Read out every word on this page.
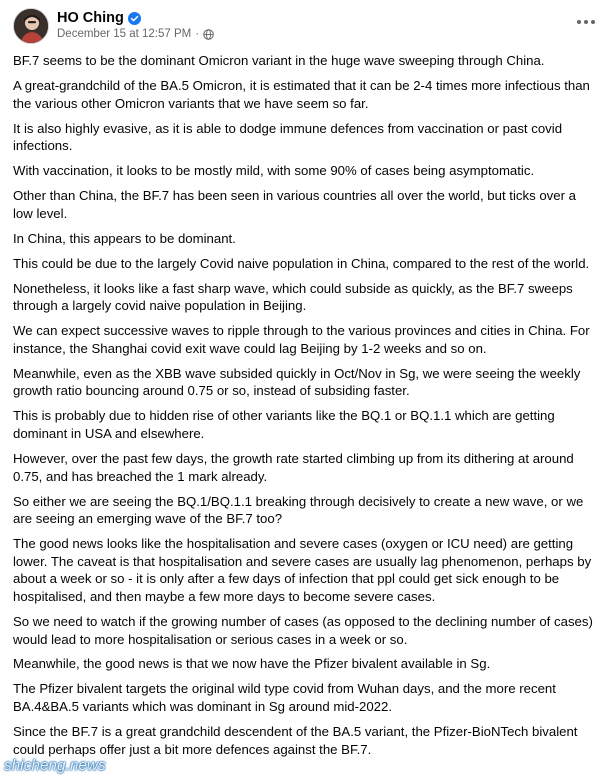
HO Ching
December 15 at 12:57 PM ·

BF.7 seems to be the dominant Omicron variant in the huge wave sweeping through China.

A great-grandchild of the BA.5 Omicron, it is estimated that it can be 2-4 times more infectious than the various other Omicron variants that we have seem so far.

It is also highly evasive, as it is able to dodge immune defences from vaccination or past covid infections.

With vaccination, it looks to be mostly mild, with some 90% of cases being asymptomatic.

Other than China, the BF.7 has been seen in various countries all over the world, but ticks over a low level.

In China, this appears to be dominant.

This could be due to the largely Covid naive population in China, compared to the rest of the world.

Nonetheless, it looks like a fast sharp wave, which could subside as quickly, as the BF.7 sweeps through a largely covid naive population in Beijing.

We can expect successive waves to ripple through to the various provinces and cities in China. For instance, the Shanghai covid exit wave could lag Beijing by 1-2 weeks and so on.

Meanwhile, even as the XBB wave subsided quickly in Oct/Nov in Sg, we were seeing the weekly growth ratio bouncing around 0.75 or so, instead of subsiding faster.

This is probably due to hidden rise of other variants like the BQ.1 or BQ.1.1 which are getting dominant in USA and elsewhere.

However, over the past few days, the growth rate started climbing up from its dithering at around 0.75, and has breached the 1 mark already.

So either we are seeing the BQ.1/BQ.1.1 breaking through decisively to create a new wave, or we are seeing an emerging wave of the BF.7 too?

The good news looks like the hospitalisation and severe cases (oxygen or ICU need) are getting lower. The caveat is that hospitalisation and severe cases are usually lag phenomenon, perhaps by about a week or so - it is only after a few days of infection that ppl could get sick enough to be hospitalised, and then maybe a few more days to become severe cases.

So we need to watch if the growing number of cases (as opposed to the declining number of cases) would lead to more hospitalisation or serious cases in a week or so.

Meanwhile, the good news is that we now have the Pfizer bivalent available in Sg.

The Pfizer bivalent targets the original wild type covid from Wuhan days, and the more recent BA.4&BA.5 variants which was dominant in Sg around mid-2022.

Since the BF.7 is a great grandchild descendent of the BA.5 variant, the Pfizer-BioNTech bivalent could perhaps offer just a bit more defences against the BF.7.

shicheng.news
